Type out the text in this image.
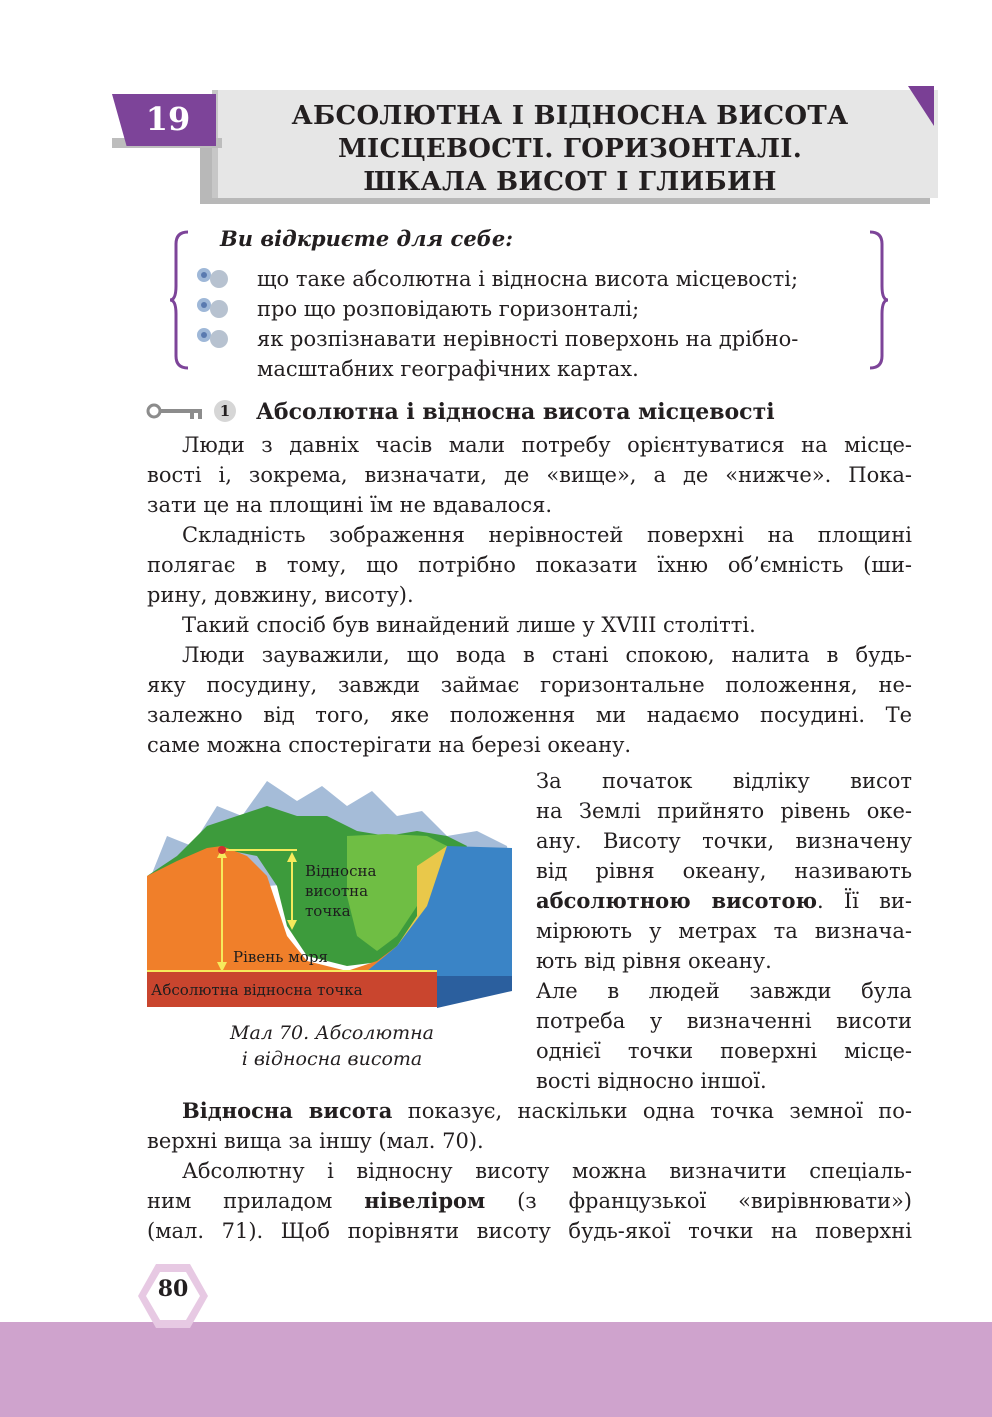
19	АБСОЛЮТНА І ВІДНОСНА ВИСОТА
МІСЦЕВОСТІ. ГОРИЗОНТАЛІ.
ШКАЛА ВИСОТ І ГЛИБИН
Ви відкриєте для себе:
що таке абсолютна і відносна висота місцевості;
про що розповідають горизонталі;
як розпізнавати нерівності поверхонь на дрібно-
масштабних географічних картах.
1 Абсолютна і відносна висота місцевості
Люди з давніх часів мали потребу орієнтуватися на місце-
вості і, зокрема, визначати, де «вище», а де «нижче». Пока-
зати це на площині їм не вдавалося.
Складність зображення нерівностей поверхні на площині
полягає в тому, що потрібно показати їхню об’ємність (ши-
рину, довжину, висоту).
Такий спосіб був винайдений лише у XVIII столітті.
Люди зауважили, що вода в стані спокою, налита в будь-
яку посудину, завжди займає горизонтальне положення, не-
залежно від того, яке положення ми надаємо посудині. Те
саме можна спостерігати на березі океану.
Відносна
висотна
точка
Рівень моря
Абсолютна відносна точка
Мал 70. Абсолютна
і відносна висота
За початок відліку висот
на Землі прийнято рівень оке-
ану. Висоту точки, визначену
від рівня океану, називають
абсолютною висотою. Її ви-
мірюють у метрах та визнача-
ють від рівня океану.
Але в людей завжди була
потреба у визначенні висоти
однієї точки поверхні місце-
вості відносно іншої.
Відносна висота показує, наскільки одна точка земної по-
верхні вища за іншу (мал. 70).
Абсолютну і відносну висоту можна визначити спеціаль-
ним приладом нівеліром (з французької «вирівнювати»)
(мал. 71). Щоб порівняти висоту будь-якої точки на поверхні
80
